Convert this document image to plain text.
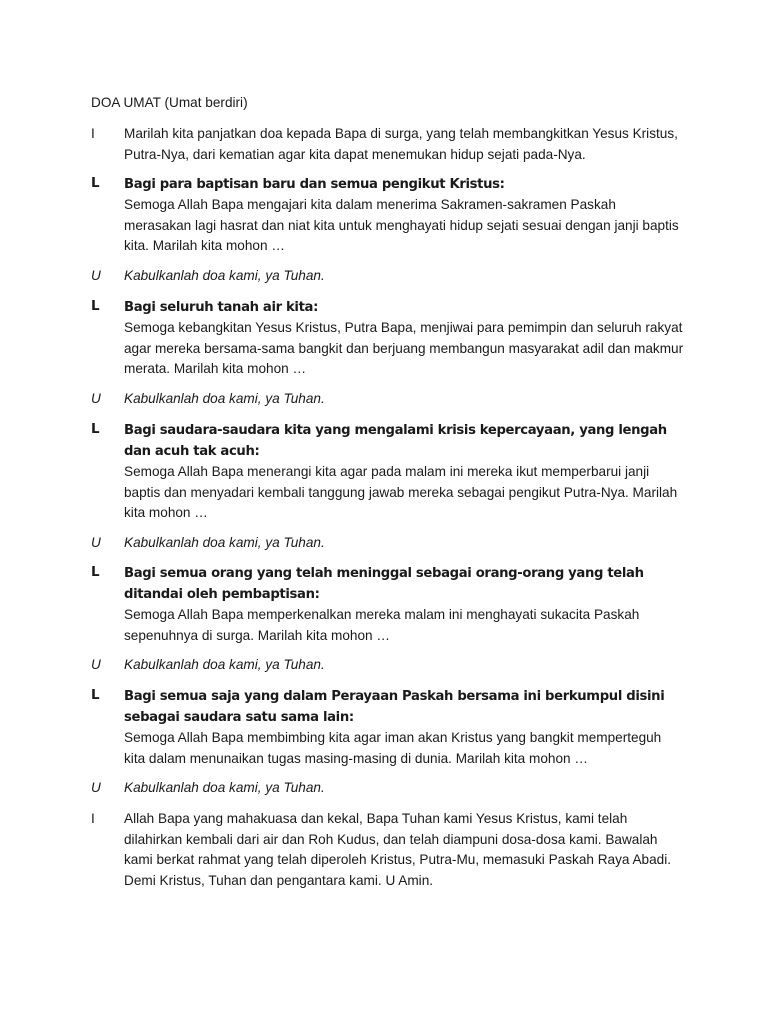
DOA UMAT (Umat berdiri)
I	Marilah kita panjatkan doa kepada Bapa di surga, yang telah membangkitkan Yesus Kristus, Putra-Nya, dari kematian agar kita dapat menemukan hidup sejati pada-Nya.
L	Bagi para baptisan baru dan semua pengikut Kristus:
Semoga Allah Bapa mengajari kita dalam menerima Sakramen-sakramen Paskah merasakan lagi hasrat dan niat kita untuk menghayati hidup sejati sesuai dengan janji baptis kita. Marilah kita mohon …
U	Kabulkanlah doa kami, ya Tuhan.
L	Bagi seluruh tanah air kita:
Semoga kebangkitan Yesus Kristus, Putra Bapa, menjiwai para pemimpin dan seluruh rakyat agar mereka bersama-sama bangkit dan berjuang membangun masyarakat adil dan makmur merata. Marilah kita mohon …
U	Kabulkanlah doa kami, ya Tuhan.
L	Bagi saudara-saudara kita yang mengalami krisis kepercayaan, yang lengah dan acuh tak acuh:
Semoga Allah Bapa menerangi kita agar pada malam ini mereka ikut memperbarui janji baptis dan menyadari kembali tanggung jawab mereka sebagai pengikut Putra-Nya. Marilah kita mohon …
U	Kabulkanlah doa kami, ya Tuhan.
L	Bagi semua orang yang telah meninggal sebagai orang-orang yang telah ditandai oleh pembaptisan:
Semoga Allah Bapa memperkenalkan mereka malam ini menghayati sukacita Paskah sepenuhnya di surga. Marilah kita mohon …
U	Kabulkanlah doa kami, ya Tuhan.
L	Bagi semua saja yang dalam Perayaan Paskah bersama ini berkumpul disini sebagai saudara satu sama lain:
Semoga Allah Bapa membimbing kita agar iman akan Kristus yang bangkit memperteguh kita dalam menunaikan tugas masing-masing di dunia. Marilah kita mohon …
U	Kabulkanlah doa kami, ya Tuhan.
I	Allah Bapa yang mahakuasa dan kekal, Bapa Tuhan kami Yesus Kristus, kami telah dilahirkan kembali dari air dan Roh Kudus, dan telah diampuni dosa-dosa kami. Bawalah kami berkat rahmat yang telah diperoleh Kristus, Putra-Mu, memasuki Paskah Raya Abadi. Demi Kristus, Tuhan dan pengantara kami. U Amin.
